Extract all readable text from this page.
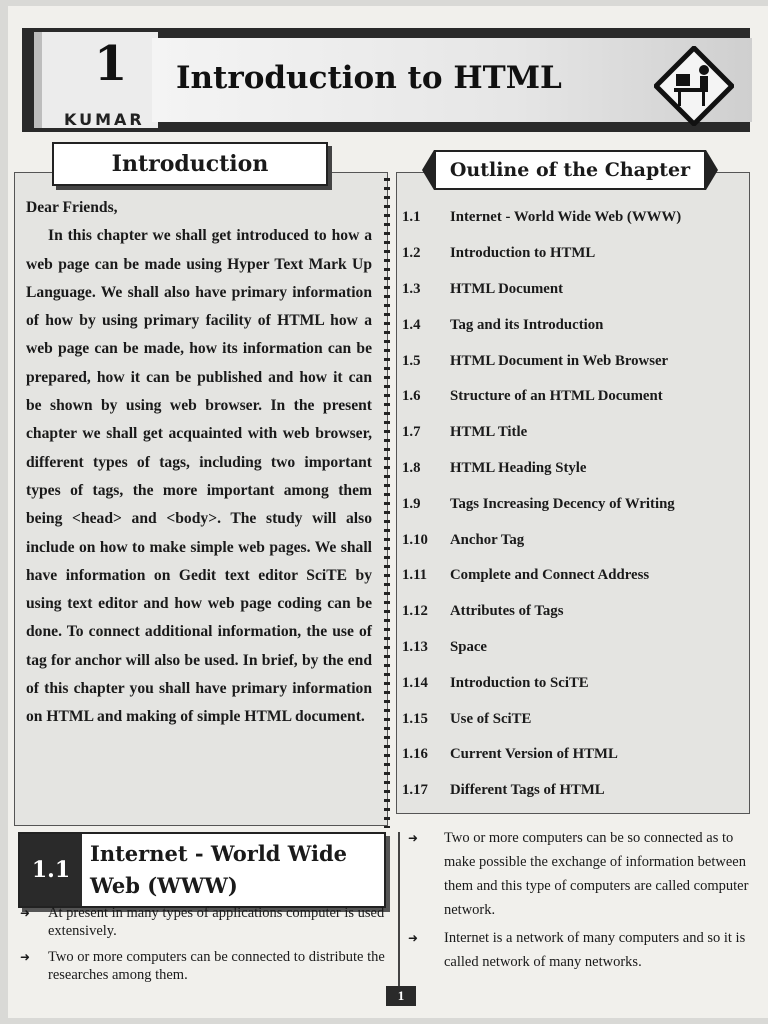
1
KUMAR
Introduction to HTML
Introduction	Outline of the Chapter
Dear Friends,
In this chapter we shall get introduced to how a web page can be made using Hyper Text Mark Up Language. We shall also have primary information of how by using primary facility of HTML how a web page can be made, how its information can be prepared, how it can be published and how it can be shown by using web browser. In the present chapter we shall get acquainted with web browser, different types of tags, including two important types of tags, the more important among them being <head> and <body>. The study will also include on how to make simple web pages. We shall have information on Gedit text editor SciTE by using text editor and how web page coding can be done. To connect additional information, the use of tag for anchor will also be used. In brief, by the end of this chapter you shall have primary information on HTML and making of simple HTML document.
1.1	Internet - World Wide Web (WWW)
1.2	Introduction to HTML
1.3	HTML Document
1.4	Tag and its Introduction
1.5	HTML Document in Web Browser
1.6	Structure of an HTML Document
1.7	HTML Title
1.8	HTML Heading Style
1.9	Tags Increasing Decency of Writing
1.10	Anchor Tag
1.11	Complete and Connect Address
1.12	Attributes of Tags
1.13	Space
1.14	Introduction to SciTE
1.15	Use of SciTE
1.16	Current Version of HTML
1.17	Different Tags of HTML
1.1
Internet - World Wide Web (WWW)
➜ At present in many types of applications computer is used extensively.
➜ Two or more computers can be connected to distribute the researches among them.
➜ Two or more computers can be so connected as to make possible the exchange of information between them and this type of computers are called computer network.
➜ Internet is a network of many computers and so it is called network of many networks.
1
